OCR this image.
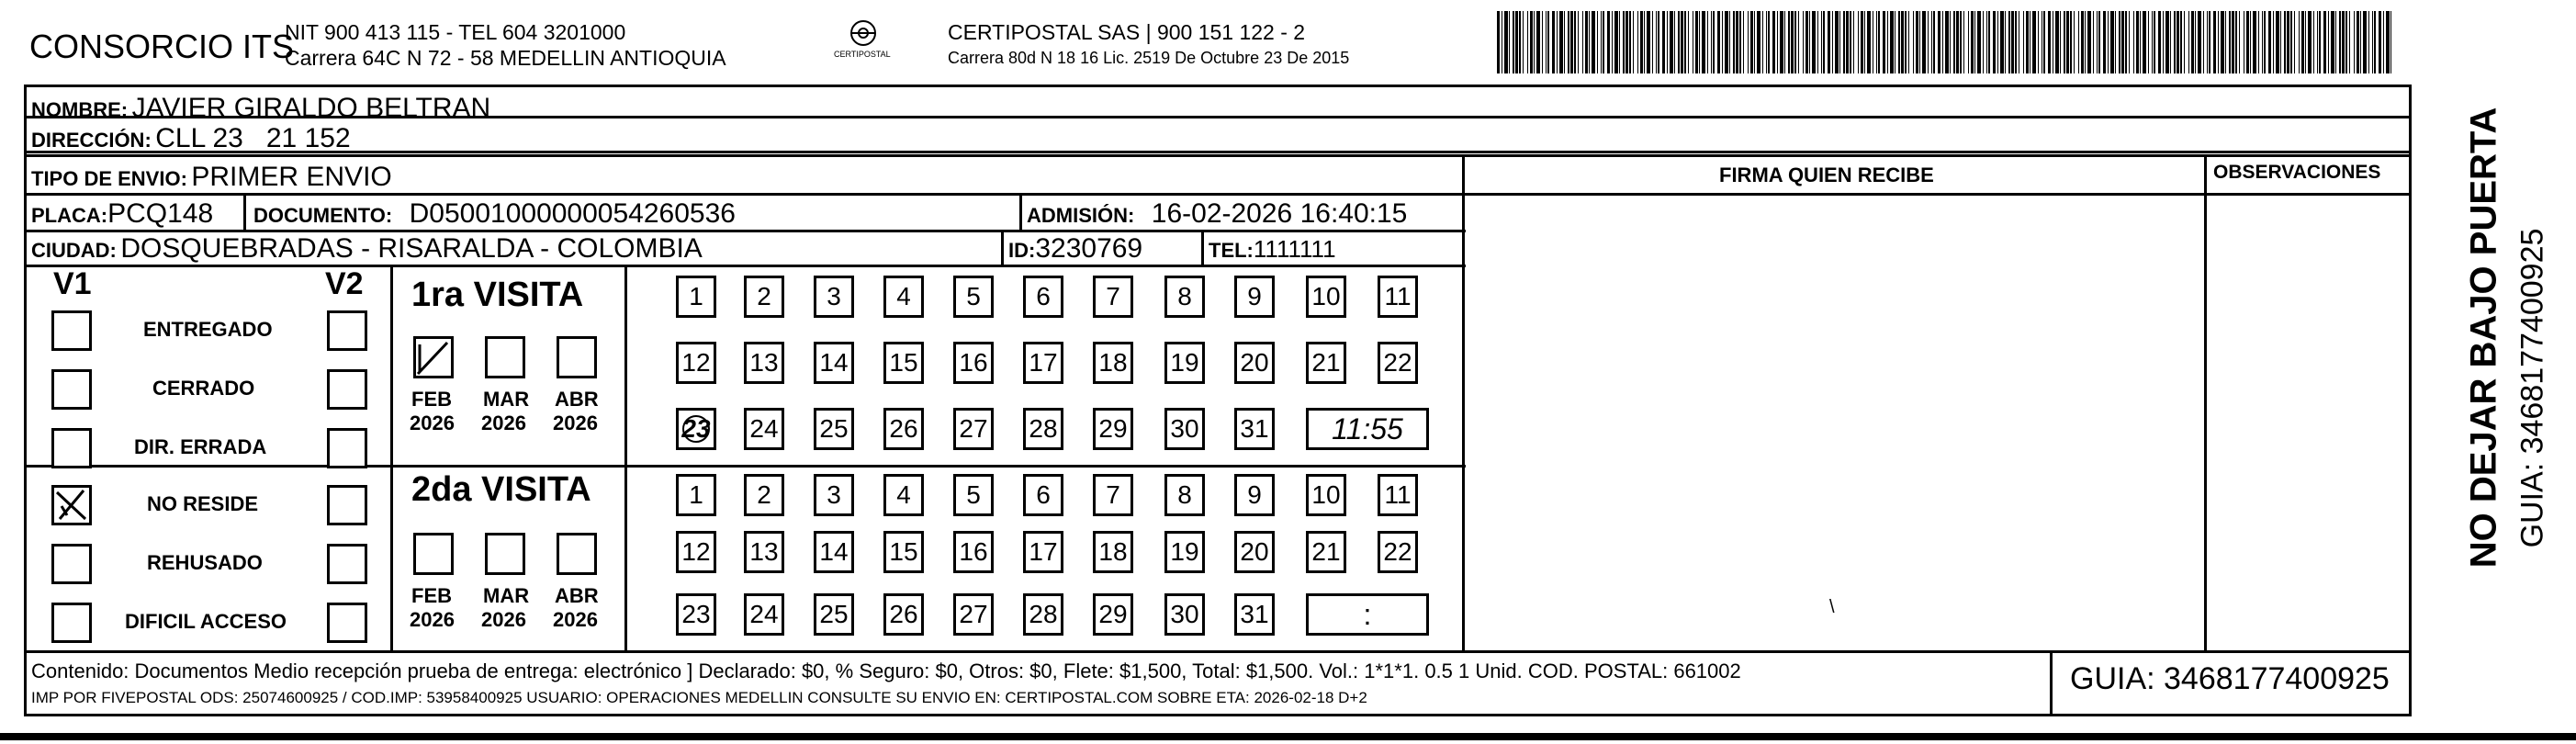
CONSORCIO ITS
NIT 900 413 115 - TEL 604 3201000
Carrera 64C N 72 - 58 MEDELLIN ANTIOQUIA	CERTIPOSTAL
CERTIPOSTAL SAS | 900 151 122 - 2
Carrera 80d N 18 16 Lic. 2519 De Octubre 23 De 2015
NOMBRE: JAVIER GIRALDO BELTRAN
DIRECCIÓN: CLL 23   21 152
TIPO DE ENVIO: PRIMER ENVIO	FIRMA QUIEN RECIBE	OBSERVACIONES
PLACA:PCQ148 DOCUMENTO: D05001000000054260536	ADMISIÓN: 16-02-2026 16:40:15
CIUDAD: DOSQUEBRADAS - RISARALDA - COLOMBIA	ID:3230769	TEL:1111111
V1	V2
ENTREGADO
CERRADO
DIR. ERRADA
NO RESIDE
REHUSADO
DIFICIL ACCESO
1ra VISITA
FEB
2026
MAR
2026
ABR
2026
1	2	3	4	5	6	7	8	9	10 11
12 13 14 15 16 17 18 19 20 21 22
23 24 25 26 27 28 29 30 31	11:55
2da VISITA
FEB
2026
MAR
2026
ABR
2026
1	2	3	4	5	6	7	8	9	10 11
12 13 14 15 16 17 18 19 20 21 22
23 24 25 26 27 28 29 30 31	:	\
Contenido: Documentos Medio recepción prueba de entrega: electrónico ] Declarado: $0, % Seguro: $0, Otros: $0, Flete: $1,500, Total: $1,500. Vol.: 1*1*1. 0.5 1 Unid. COD. POSTAL: 661002
IMP POR FIVEPOSTAL ODS: 25074600925 / COD.IMP: 53958400925 USUARIO: OPERACIONES MEDELLIN CONSULTE SU ENVIO EN: CERTIPOSTAL.COM SOBRE ETA: 2026-02-18 D+2
GUIA: 3468177400925
NO DEJAR BAJO PUERTA GUIA: 3468177400925
